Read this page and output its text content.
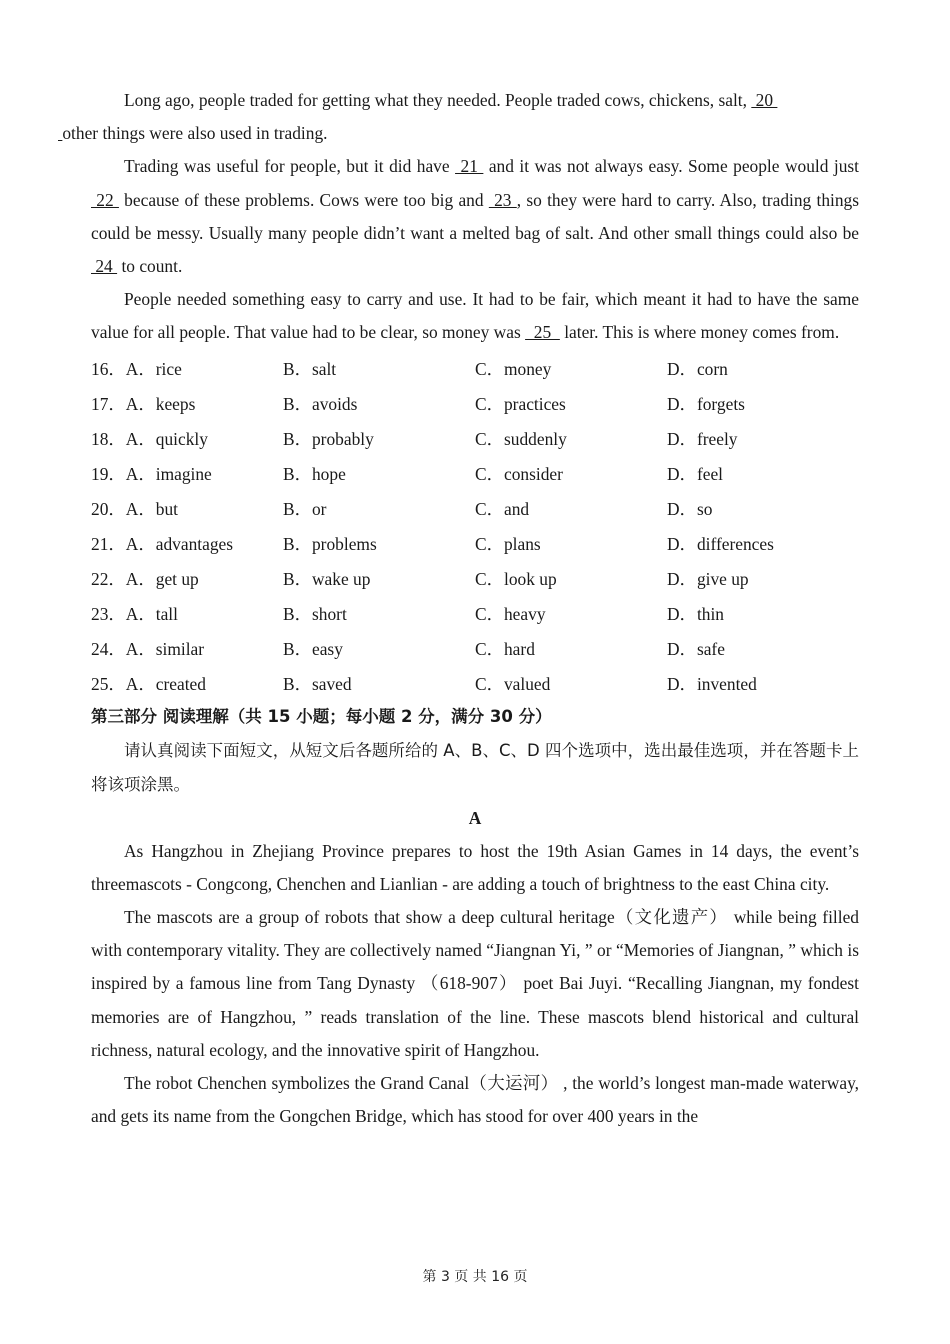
Long ago, people traded for getting what they needed. People traded cows, chickens, salt,  20
other things were also used in trading.

Trading was useful for people, but it did have  21  and it was not always easy. Some people would just  22  because of these problems. Cows were too big and  23 , so they were hard to carry. Also, trading things could be messy. Usually many people didn’t want a melted bag of salt. And other small things could also be  24  to count.

People needed something easy to carry and use. It had to be fair, which meant it had to have the same value for all people. That value had to be clear, so money was   25   later. This is where money comes from.

16．A．rice	B．salt	C．money	D．corn
17．A．keeps	B．avoids	C．practices	D．forgets
18．A．quickly	B．probably	C．suddenly	D．freely
19．A．imagine	B．hope	C．consider	D．feel
20．A．but	B．or	C．and	D．so
21．A．advantages	B．problems	C．plans	D．differences
22．A．get up	B．wake up	C．look up	D．give up
23．A．tall	B．short	C．heavy	D．thin
24．A．similar	B．easy	C．hard	D．safe
25．A．created	B．saved	C．valued	D．invented

第三部分 阅读理解（共 15 小题；每小题 2 分，满分 30 分）

请认真阅读下面短文，从短文后各题所给的 A、B、C、D 四个选项中，选出最佳选项，并在答题卡上将该项涂黑。

A

As Hangzhou in Zhejiang Province prepares to host the 19th Asian Games in 14 days, the event’s threemascots - Congcong, Chenchen and Lianlian - are adding a touch of brightness to the east China city.

The mascots are a group of robots that show a deep cultural heritage（文化遗产） while being filled with contemporary vitality. They are collectively named “Jiangnan Yi, ” or “Memories of Jiangnan, ” which is inspired by a famous line from Tang Dynasty （618-907） poet Bai Juyi. “Recalling Jiangnan, my fondest memories are of Hangzhou, ” reads translation of the line. These mascots blend historical and cultural richness, natural ecology, and the innovative spirit of Hangzhou.

The robot Chenchen symbolizes the Grand Canal（大运河） , the world’s longest man-made waterway, and gets its name from the Gongchen Bridge, which has stood for over 400 years in the

第 3 页 共 16 页
